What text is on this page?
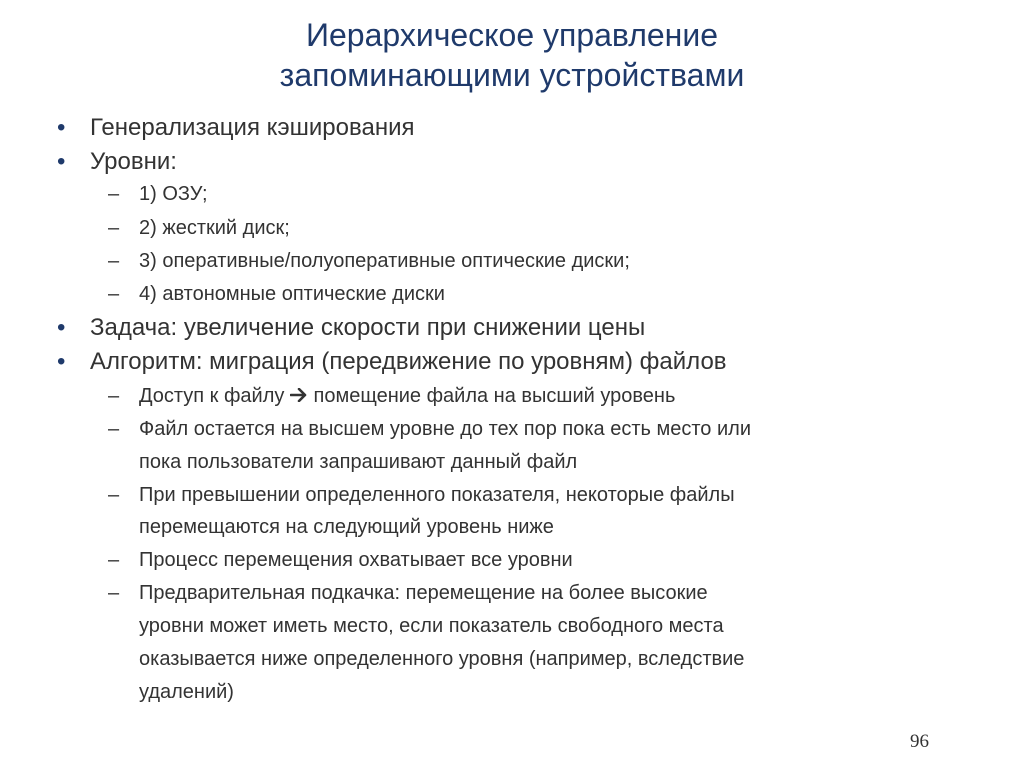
Иерархическое управление
запоминающими устройствами
• Генерализация кэширования
• Уровни:
– 1) ОЗУ;
– 2) жесткий диск;
– 3) оперативные/полуоперативные оптические диски;
– 4) автономные оптические диски
• Задача: увеличение скорости при снижении цены
• Алгоритм: миграция (передвижение по уровням) файлов
– Доступ к файлу  помещение файла на высший уровень
– Файл остается на высшем уровне до тех пор пока есть место или
пока пользователи запрашивают данный файл
– При превышении определенного показателя, некоторые файлы
перемещаются на следующий уровень ниже
– Процесс перемещения охватывает все уровни
– Предварительная подкачка: перемещение на более высокие
уровни может иметь место, если показатель свободного места
оказывается ниже определенного уровня (например, вследствие
удалений)
96
